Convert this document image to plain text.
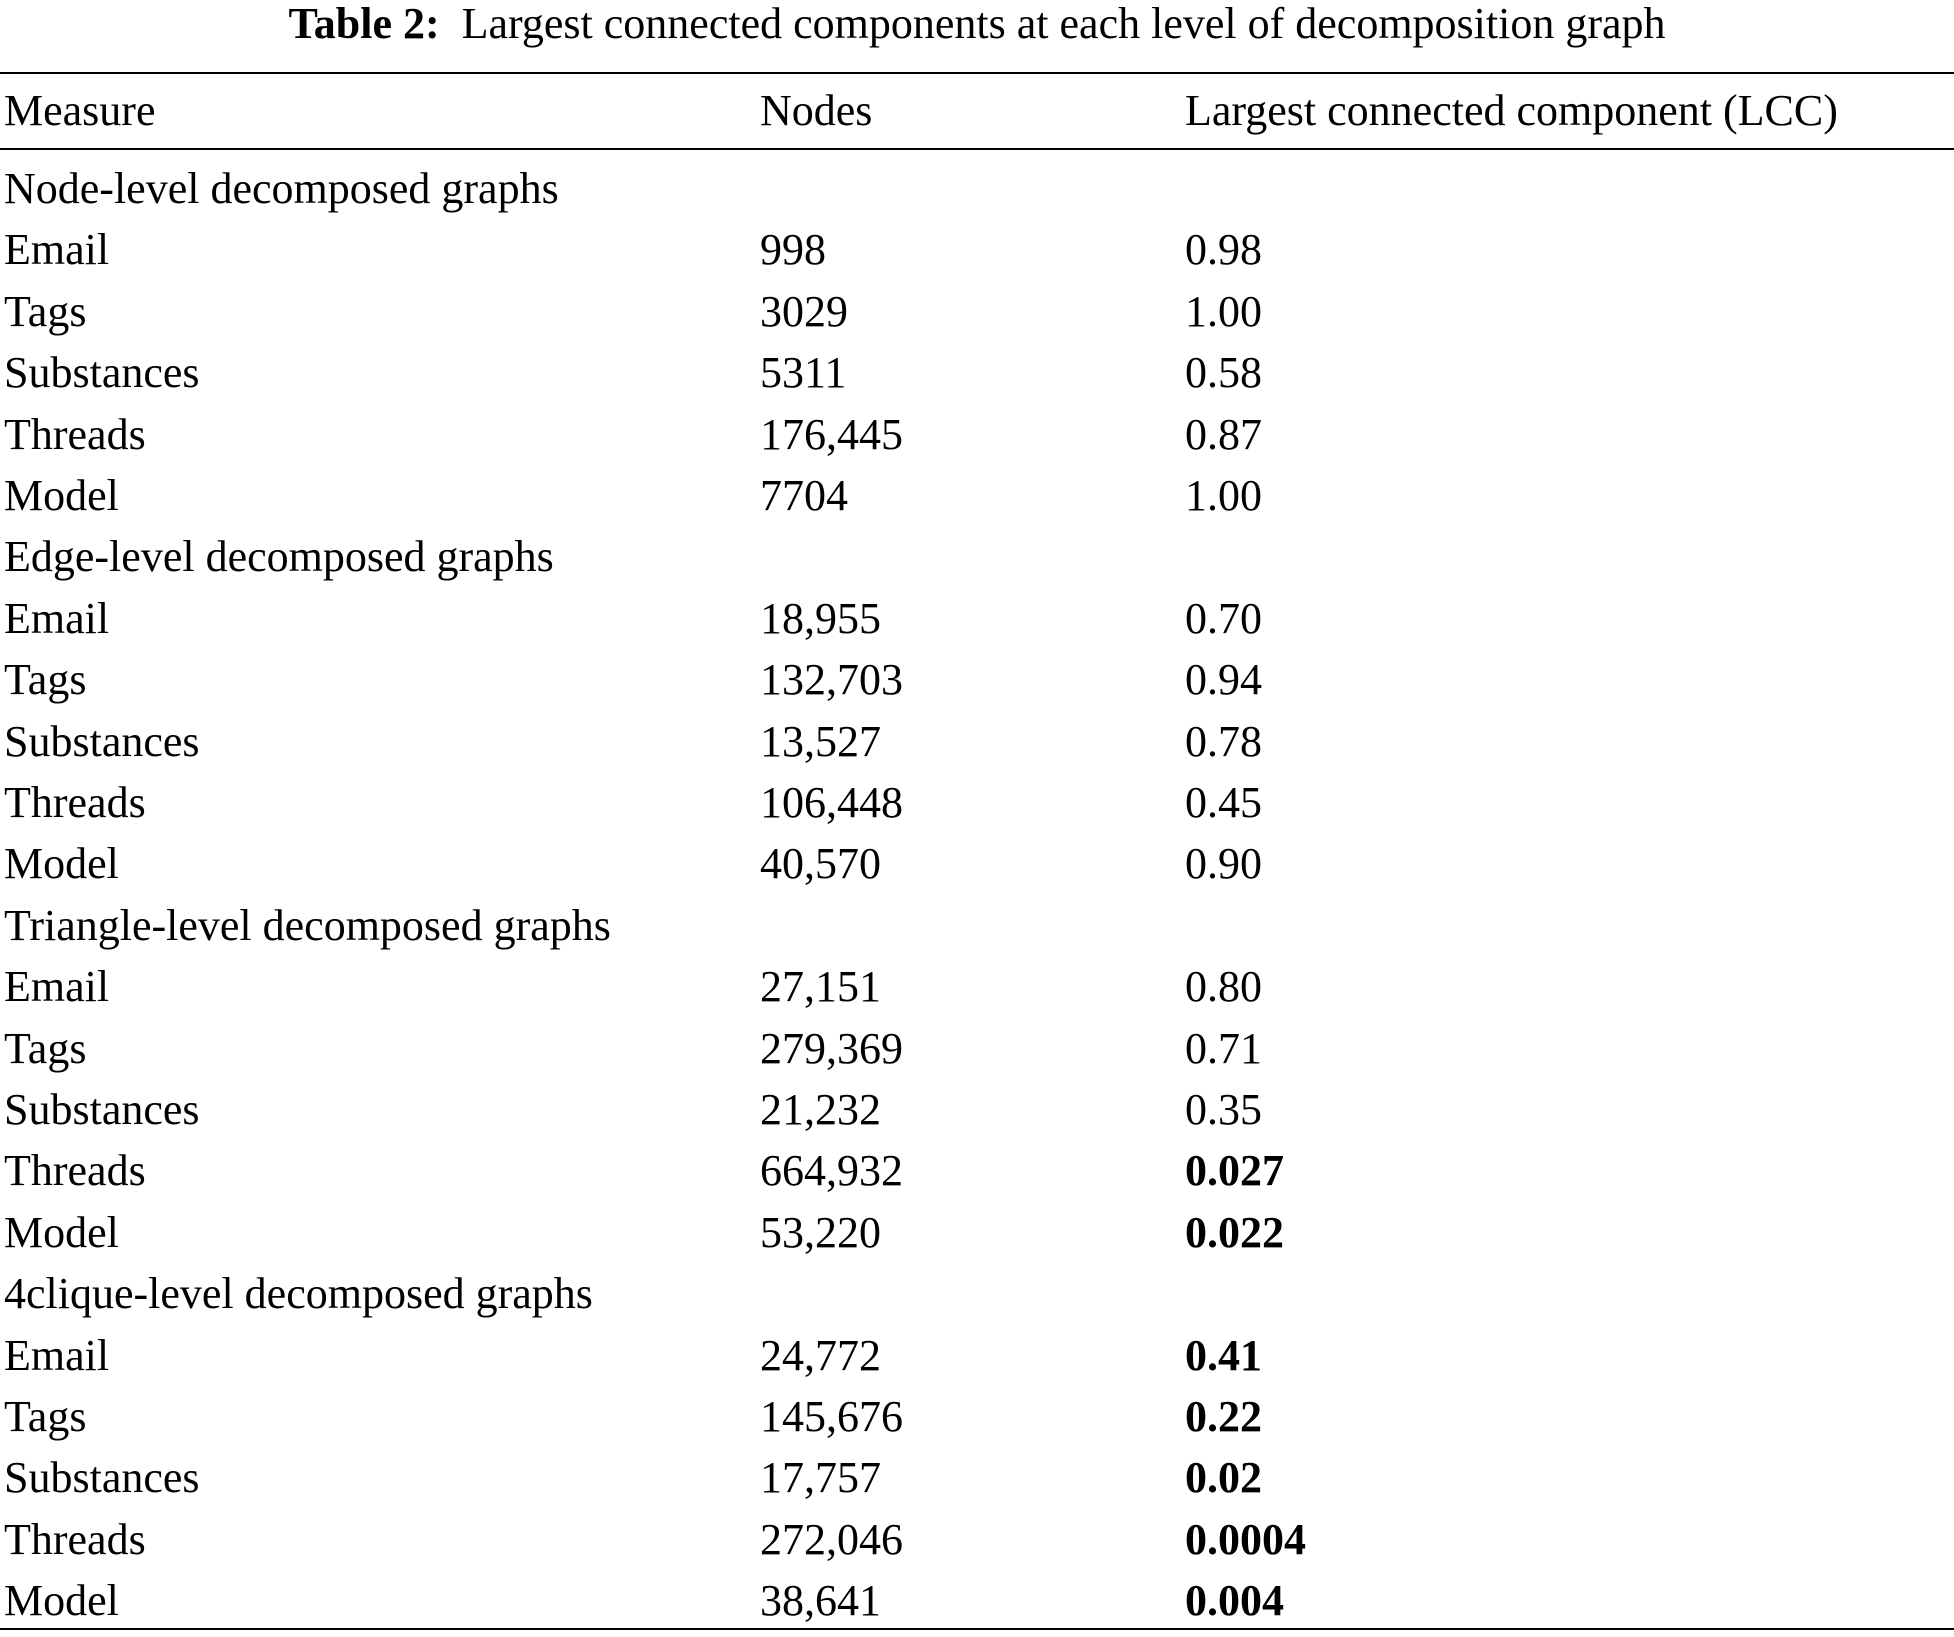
Table 2: Largest connected components at each level of decomposition graph
Measure	Nodes	Largest connected component (LCC)
Node-level decomposed graphs
Email	998	0.98
Tags	3029	1.00
Substances	5311	0.58
Threads	176,445	0.87
Model	7704	1.00
Edge-level decomposed graphs
Email	18,955	0.70
Tags	132,703	0.94
Substances	13,527	0.78
Threads	106,448	0.45
Model	40,570	0.90
Triangle-level decomposed graphs
Email	27,151	0.80
Tags	279,369	0.71
Substances	21,232	0.35
Threads	664,932	0.027
Model	53,220	0.022
4clique-level decomposed graphs
Email	24,772	0.41
Tags	145,676	0.22
Substances	17,757	0.02
Threads	272,046	0.0004
Model	38,641	0.004
